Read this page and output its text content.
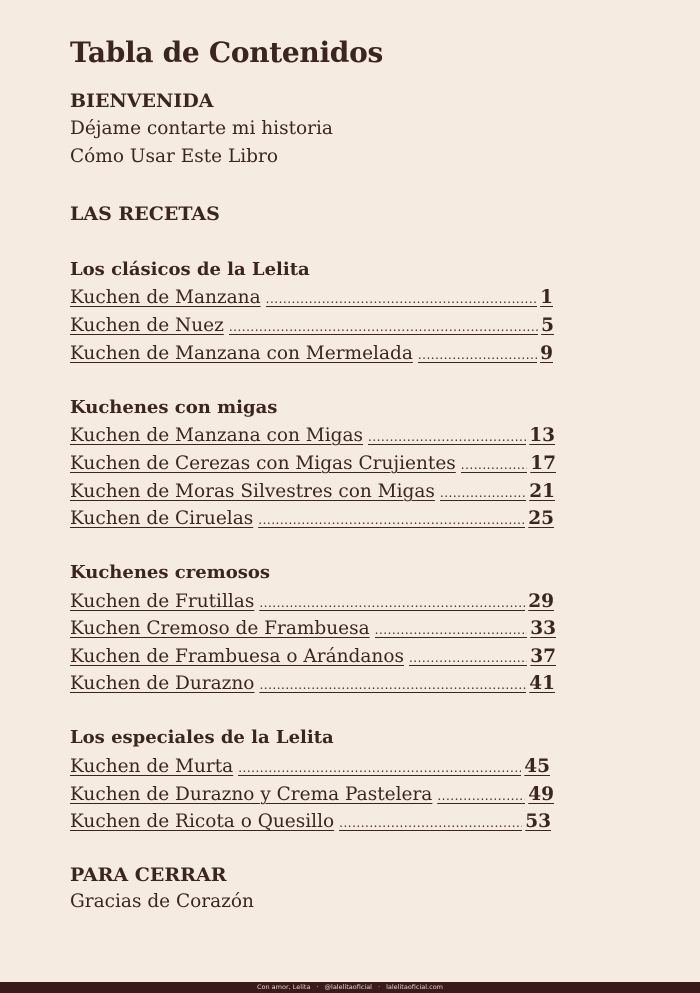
Tabla de Contenidos
BIENVENIDA
Déjame contarte mi historia
Cómo Usar Este Libro
LAS RECETAS
Los clásicos de la Lelita
Kuchen de Manzana .....	1
Kuchen de Nuez .....	5
Kuchen de Manzana con Mermelada .....	9
Kuchenes con migas
Kuchen de Manzana con Migas .....	13
Kuchen de Cerezas con Migas Crujientes .....	17
Kuchen de Moras Silvestres con Migas .....	21
Kuchen de Ciruelas .....	25
Kuchenes cremosos
Kuchen de Frutillas .....	29
Kuchen Cremoso de Frambuesa .....	33
Kuchen de Frambuesa o Arándanos .....	37
Kuchen de Durazno .....	41
Los especiales de la Lelita
Kuchen de Murta .....	45
Kuchen de Durazno y Crema Pastelera .....	49
Kuchen de Ricota o Quesillo .....	53
PARA CERRAR
Gracias de Corazón
Con amor, Lelita · @lalelitaoficial · lalelitaoficial.com
